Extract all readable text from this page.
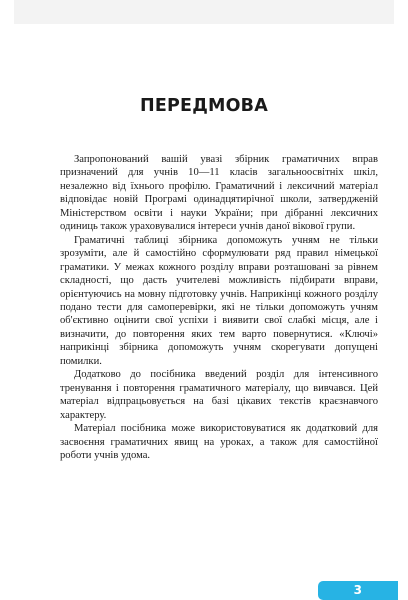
ПЕРЕДМОВА

Запропонований вашій увазі збірник граматичних вправ призначений для учнів 10—11 класів загальноосвітніх шкіл, незалежно від їхнього профілю. Граматичний і лексичний матеріал відповідає новій Програмі одинадцятирічної школи, затвердженій Міністерством освіти і науки України; при дібранні лексичних одиниць також ураховувалися інтереси учнів даної вікової групи.

Граматичні таблиці збірника допоможуть учням не тільки зрозуміти, але й самостійно сформулювати ряд правил німецької граматики. У межах кожного розділу вправи розташовані за рівнем складності, що дасть учителеві можливість підбирати вправи, орієнтуючись на мовну підготовку учнів. Наприкінці кожного розділу подано тести для самоперевірки, які не тільки допоможуть учням об'єктивно оцінити свої успіхи і виявити свої слабкі місця, але і визначити, до повторення яких тем варто повернутися. «Ключі» наприкінці збірника допоможуть учням скорегувати допущені помилки.

Додатково до посібника введений розділ для інтенсивного тренування і повторення граматичного матеріалу, що вивчався. Цей матеріал відпрацьовується на базі цікавих текстів краєзнавчого характеру.

Матеріал посібника може використовуватися як додатковий для засвоєння граматичних явищ на уроках, а також для самостійної роботи учнів удома.

3
